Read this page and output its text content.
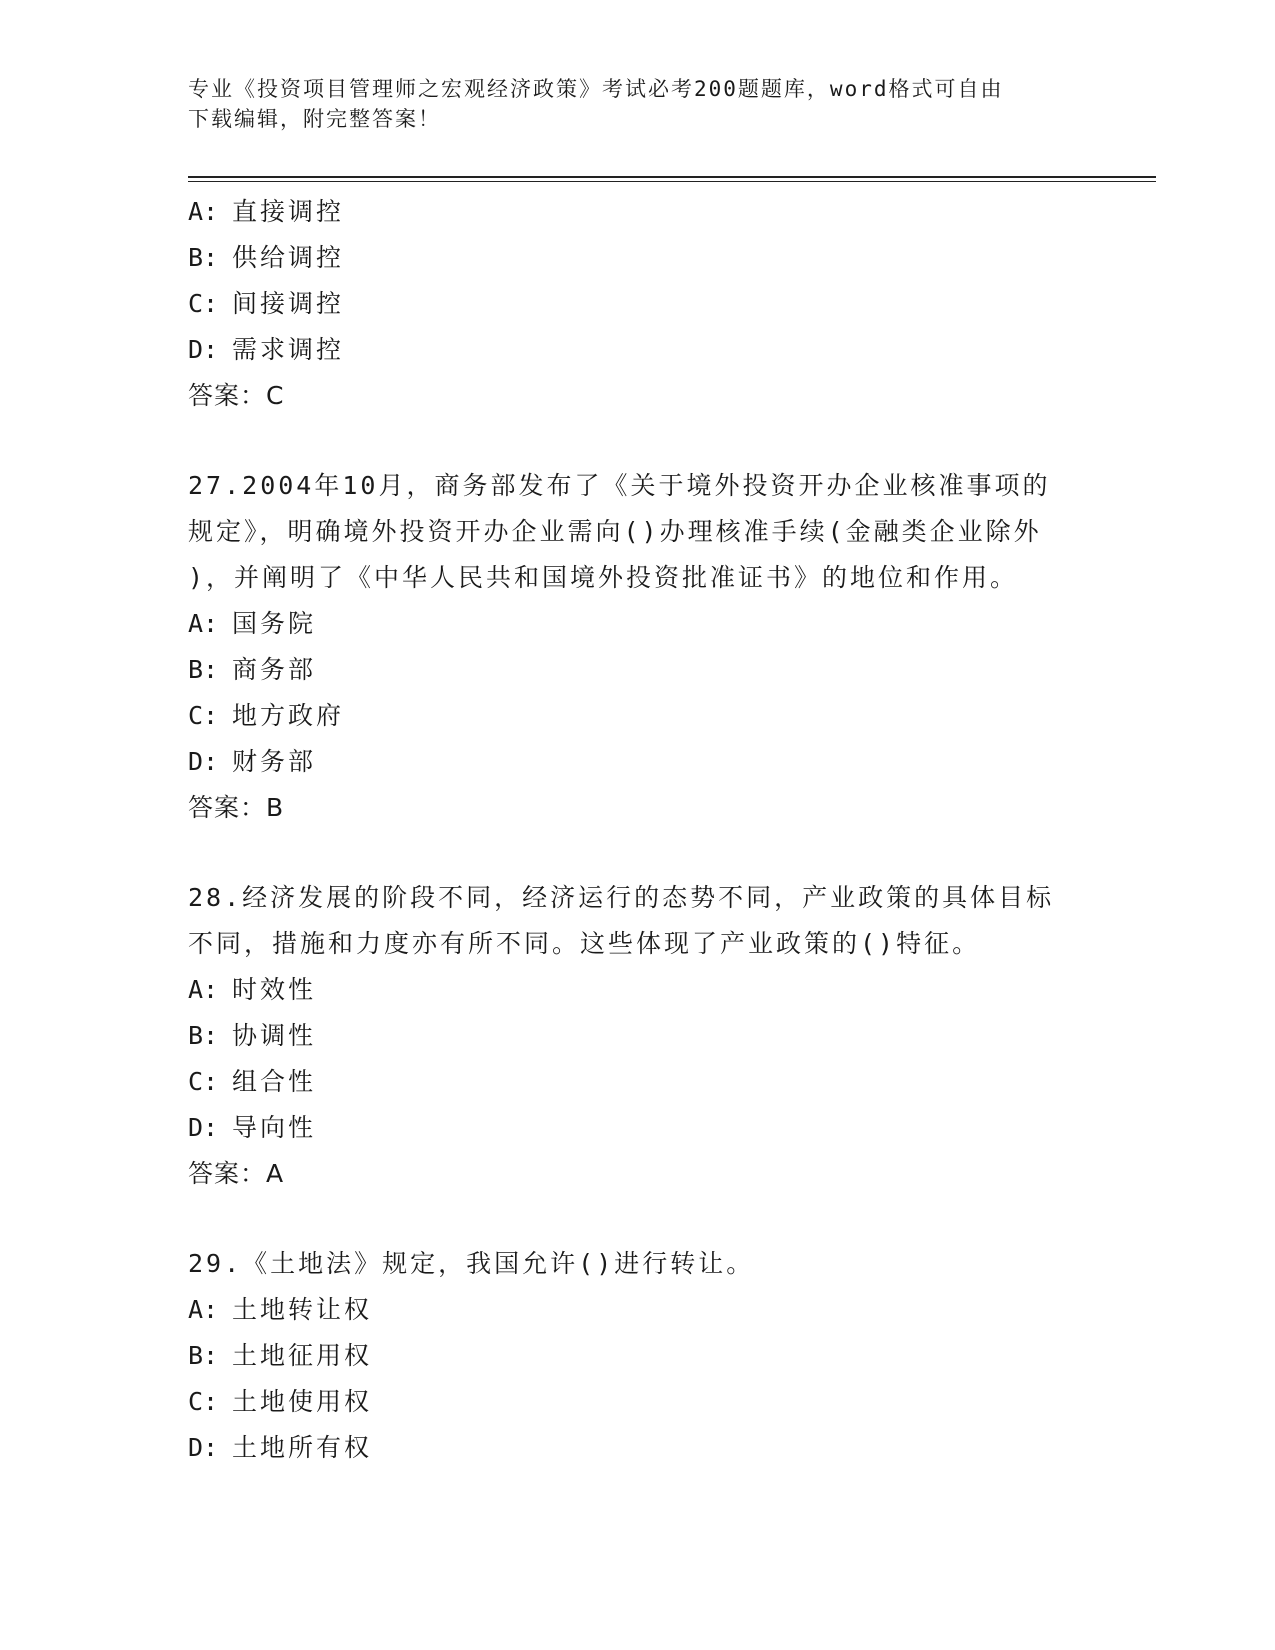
专业《投资项目管理师之宏观经济政策》考试必考200题题库，word格式可自由
下载编辑，附完整答案！
A: 直接调控
B: 供给调控
C: 间接调控
D: 需求调控
答案：C
27.2004年10月，商务部发布了《关于境外投资开办企业核准事项的
规定》，明确境外投资开办企业需向()办理核准手续(金融类企业除外
)，并阐明了《中华人民共和国境外投资批准证书》的地位和作用。
A: 国务院
B: 商务部
C: 地方政府
D: 财务部
答案：B
28.经济发展的阶段不同，经济运行的态势不同，产业政策的具体目标
不同，措施和力度亦有所不同。这些体现了产业政策的()特征。
A: 时效性
B: 协调性
C: 组合性
D: 导向性
答案：A
29.《土地法》规定，我国允许()进行转让。
A: 土地转让权
B: 土地征用权
C: 土地使用权
D: 土地所有权
